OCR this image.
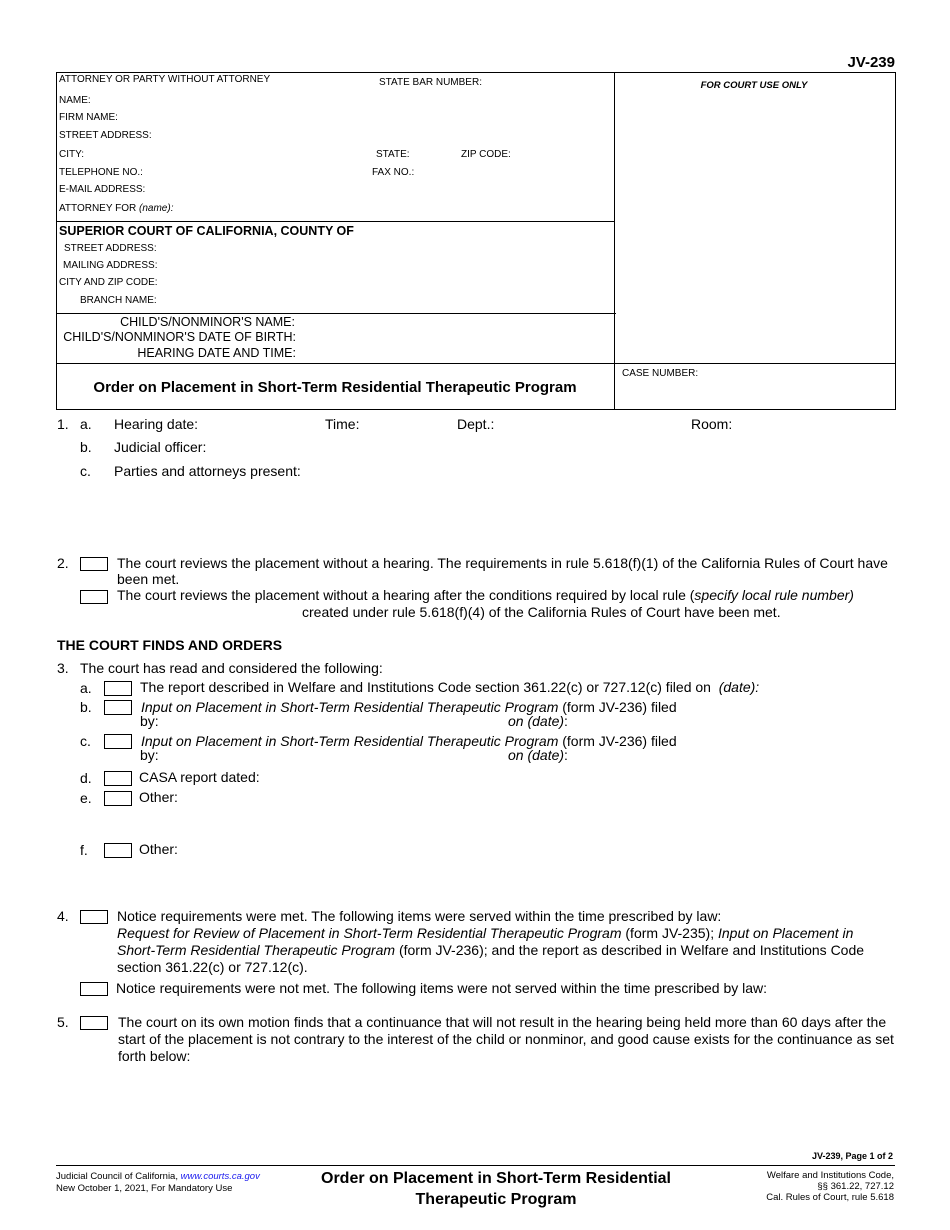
JV-239
ATTORNEY OR PARTY WITHOUT ATTORNEY	STATE BAR NUMBER:
NAME:
FIRM NAME:
STREET ADDRESS:
CITY:	STATE:	ZIP CODE:
TELEPHONE NO.:	FAX NO.:
E-MAIL ADDRESS:
ATTORNEY FOR (name):
SUPERIOR COURT OF CALIFORNIA, COUNTY OF
STREET ADDRESS:
MAILING ADDRESS:
CITY AND ZIP CODE:
BRANCH NAME:
CHILD'S/NONMINOR'S NAME:
CHILD'S/NONMINOR'S DATE OF BIRTH:
HEARING DATE AND TIME:
FOR COURT USE ONLY
CASE NUMBER:
Order on Placement in Short-Term Residential Therapeutic Program
1. a. Hearing date:	Time:	Dept.:	Room:
b. Judicial officer:
c. Parties and attorneys present:
2.	The court reviews the placement without a hearing. The requirements in rule 5.618(f)(1) of the California Rules of Court have
been met.
The court reviews the placement without a hearing after the conditions required by local rule (specify local rule number)
created under rule 5.618(f)(4) of the California Rules of Court have been met.
THE COURT FINDS AND ORDERS
3. The court has read and considered the following:
a.	The report described in Welfare and Institutions Code section 361.22(c) or 727.12(c) filed on (date):
b.	Input on Placement in Short-Term Residential Therapeutic Program (form JV-236) filed
by:	on (date):
c.	Input on Placement in Short-Term Residential Therapeutic Program (form JV-236) filed
by:	on (date):
d.	CASA report dated:
e.	Other:
f.	Other:
4.	Notice requirements were met. The following items were served within the time prescribed by law:
Request for Review of Placement in Short-Term Residential Therapeutic Program (form JV-235); Input on Placement in
Short-Term Residential Therapeutic Program (form JV-236); and the report as described in Welfare and Institutions Code
section 361.22(c) or 727.12(c).
Notice requirements were not met. The following items were not served within the time prescribed by law:
5.	The court on its own motion finds that a continuance that will not result in the hearing being held more than 60 days after the
start of the placement is not contrary to the interest of the child or nonminor, and good cause exists for the continuance as set
forth below:
JV-239, Page 1 of 2
Judicial Council of California, www.courts.ca.gov
New October 1, 2021, For Mandatory Use
Order on Placement in Short-Term Residential
Therapeutic Program
Welfare and Institutions Code,
§§ 361.22, 727.12
Cal. Rules of Court, rule 5.618
